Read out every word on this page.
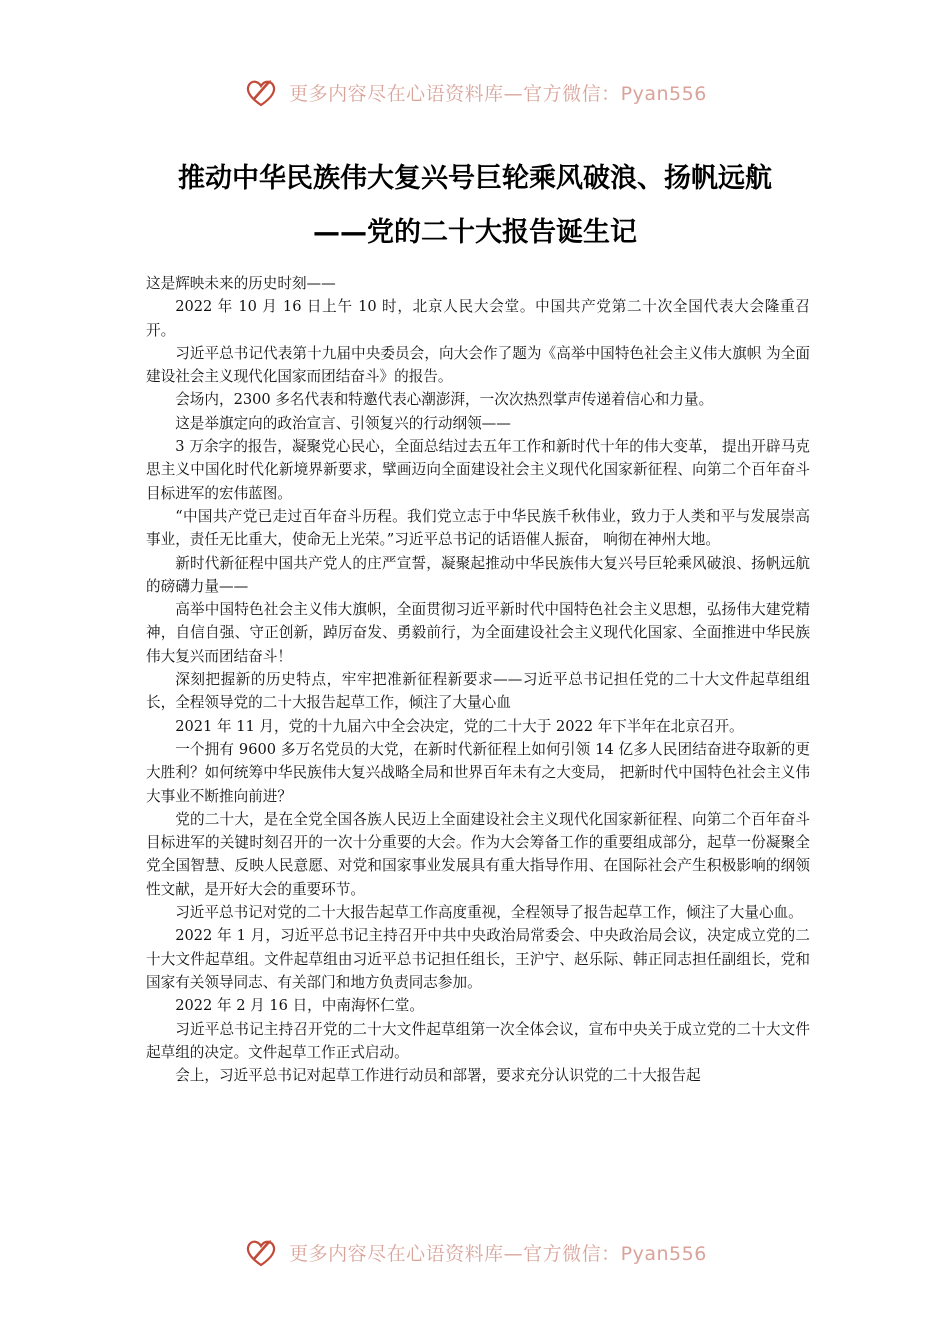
更多内容尽在心语资料库—官方微信：Pyan556
推动中华民族伟大复兴号巨轮乘风破浪、扬帆远航
——党的二十大报告诞生记

这是辉映未来的历史时刻——

2022 年 10 月 16 日上午 10 时，北京人民大会堂。中国共产党第二十次全国代表大会隆重召开。

习近平总书记代表第十九届中央委员会，向大会作了题为《高举中国特色社会主义伟大旗帜 为全面建设社会主义现代化国家而团结奋斗》的报告。

会场内，2300 多名代表和特邀代表心潮澎湃，一次次热烈掌声传递着信心和力量。

这是举旗定向的政治宣言、引领复兴的行动纲领——

3 万余字的报告，凝聚党心民心，全面总结过去五年工作和新时代十年的伟大变革， 提出开辟马克思主义中国化时代化新境界新要求，擘画迈向全面建设社会主义现代化国家新征程、向第二个百年奋斗目标进军的宏伟蓝图。

“中国共产党已走过百年奋斗历程。我们党立志于中华民族千秋伟业，致力于人类和平与发展崇高事业，责任无比重大，使命无上光荣。”习近平总书记的话语催人振奋， 响彻在神州大地。

新时代新征程中国共产党人的庄严宣誓，凝聚起推动中华民族伟大复兴号巨轮乘风破浪、扬帆远航的磅礴力量——

高举中国特色社会主义伟大旗帜，全面贯彻习近平新时代中国特色社会主义思想，弘扬伟大建党精神，自信自强、守正创新，踔厉奋发、勇毅前行，为全面建设社会主义现代化国家、全面推进中华民族伟大复兴而团结奋斗！

深刻把握新的历史特点，牢牢把准新征程新要求——习近平总书记担任党的二十大文件起草组组长，全程领导党的二十大报告起草工作，倾注了大量心血

2021 年 11 月，党的十九届六中全会决定，党的二十大于 2022 年下半年在北京召开。

一个拥有 9600 多万名党员的大党，在新时代新征程上如何引领 14 亿多人民团结奋进夺取新的更大胜利？如何统筹中华民族伟大复兴战略全局和世界百年未有之大变局， 把新时代中国特色社会主义伟大事业不断推向前进？

党的二十大，是在全党全国各族人民迈上全面建设社会主义现代化国家新征程、向第二个百年奋斗目标进军的关键时刻召开的一次十分重要的大会。作为大会筹备工作的重要组成部分，起草一份凝聚全党全国智慧、反映人民意愿、对党和国家事业发展具有重大指导作用、在国际社会产生积极影响的纲领性文献，是开好大会的重要环节。

习近平总书记对党的二十大报告起草工作高度重视，全程领导了报告起草工作，倾注了大量心血。

2022 年 1 月，习近平总书记主持召开中共中央政治局常委会、中央政治局会议，决定成立党的二十大文件起草组。文件起草组由习近平总书记担任组长，王沪宁、赵乐际、韩正同志担任副组长，党和国家有关领导同志、有关部门和地方负责同志参加。

2022 年 2 月 16 日，中南海怀仁堂。

习近平总书记主持召开党的二十大文件起草组第一次全体会议，宣布中央关于成立党的二十大文件起草组的决定。文件起草工作正式启动。

会上，习近平总书记对起草工作进行动员和部署，要求充分认识党的二十大报告起

更多内容尽在心语资料库—官方微信：Pyan556
